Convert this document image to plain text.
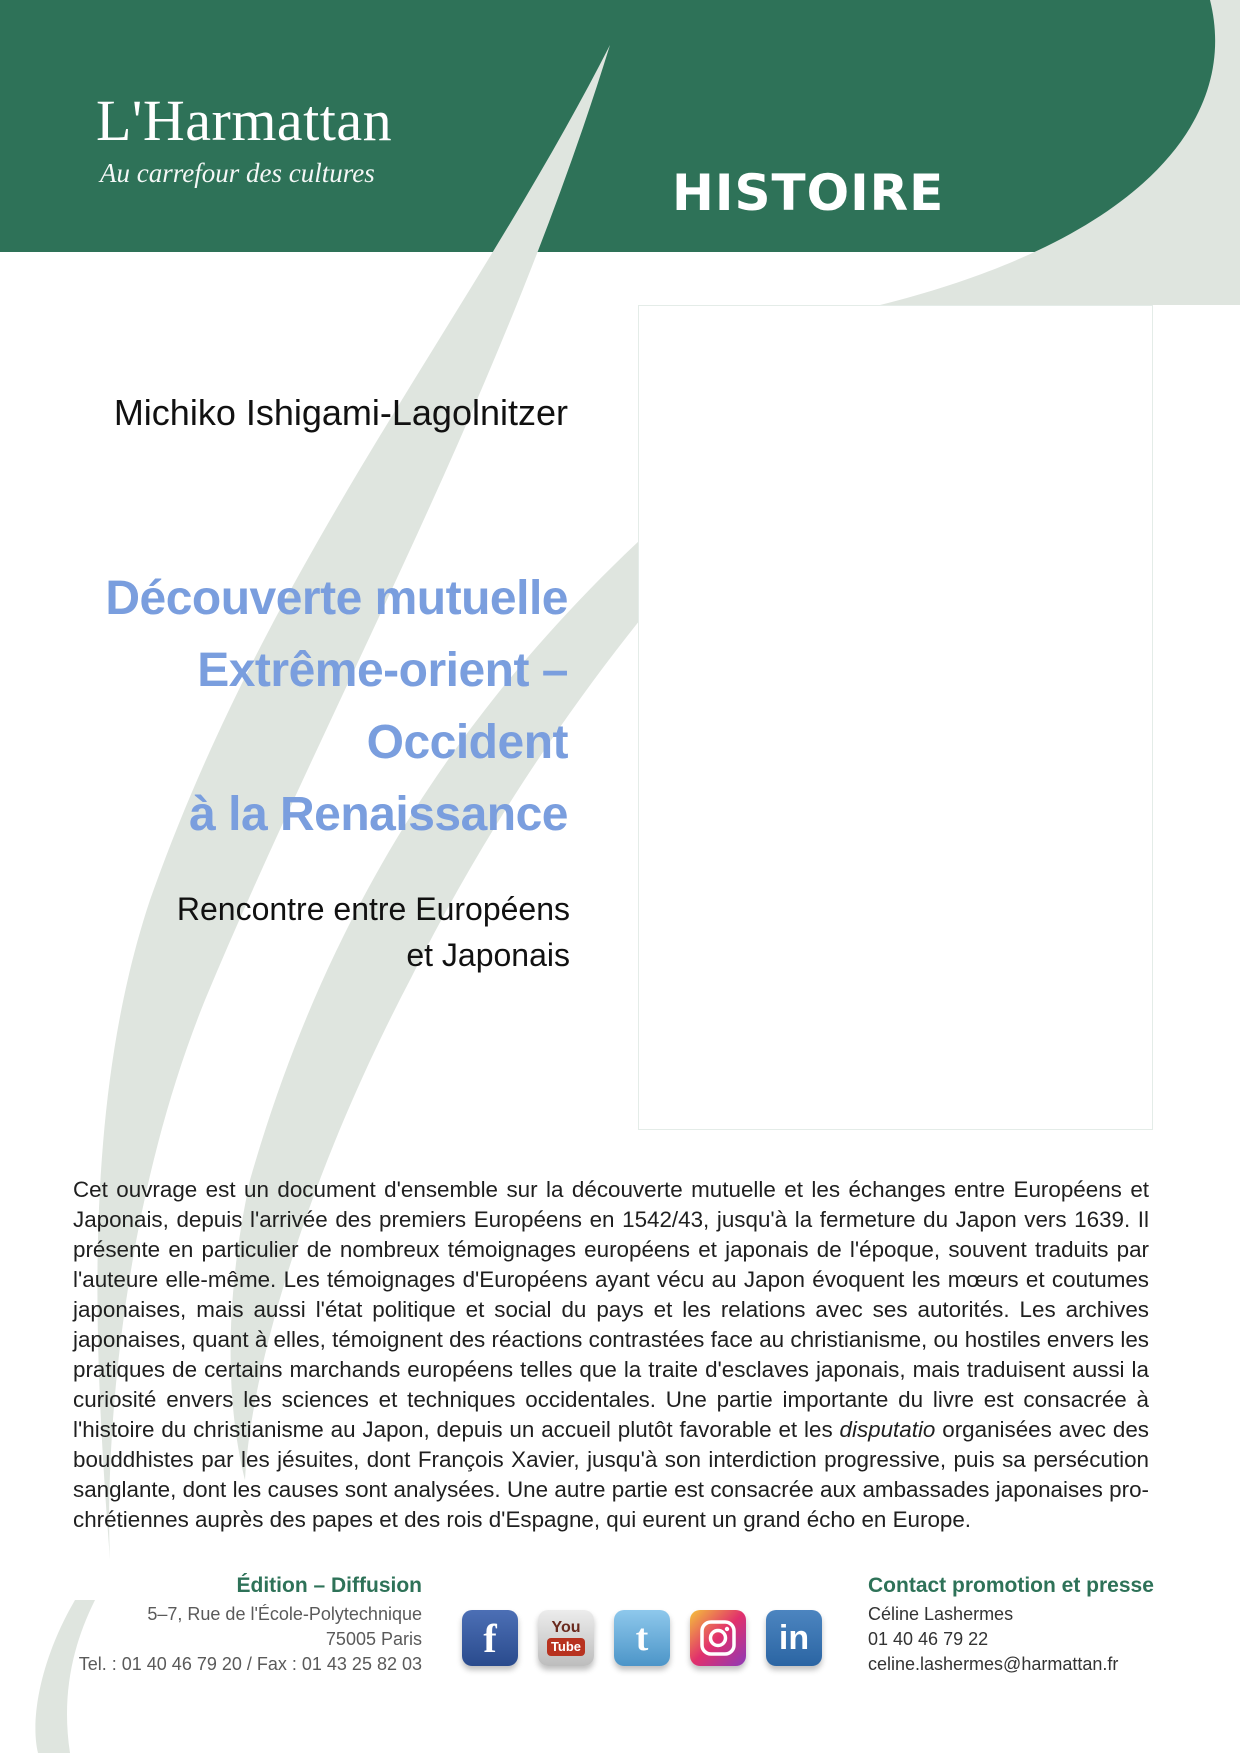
L'Harmattan
Au carrefour des cultures	HISTOIRE
Michiko Ishigami-Lagolnitzer
Découverte mutuelle
Extrême-orient –
Occident
à la Renaissance
Rencontre entre Européens
et Japonais
Cet ouvrage est un document d'ensemble sur la découverte mutuelle et les échanges entre Européens et Japonais, depuis l'arrivée des premiers Européens en 1542/43, jusqu'à la fermeture du Japon vers 1639. Il présente en particulier de nombreux témoignages européens et japonais de l'époque, souvent traduits par l'auteure elle-même. Les témoignages d'Européens ayant vécu au Japon évoquent les mœurs et coutumes japonaises, mais aussi l'état politique et social du pays et les relations avec ses autorités. Les archives japonaises, quant à elles, témoignent des réactions contrastées face au christianisme, ou hostiles envers les pratiques de certains marchands européens telles que la traite d'esclaves japonais, mais traduisent aussi la curiosité envers les sciences et techniques occidentales. Une partie importante du livre est consacrée à l'histoire du christianisme au Japon, depuis un accueil plutôt favorable et les disputatio organisées avec des bouddhistes par les jésuites, dont François Xavier, jusqu'à son interdiction progressive, puis sa persécution sanglante, dont les causes sont analysées. Une autre partie est consacrée aux ambassades japonaises pro-chrétiennes auprès des papes et des rois d'Espagne, qui eurent un grand écho en Europe.
Édition – Diffusion
5–7, Rue de l'École-Polytechnique
75005 Paris
Tel. : 01 40 46 79 20 / Fax : 01 43 25 82 03
f	You
Tube t	in
Contact promotion et presse
Céline Lashermes
01 40 46 79 22
celine.lashermes@harmattan.fr
